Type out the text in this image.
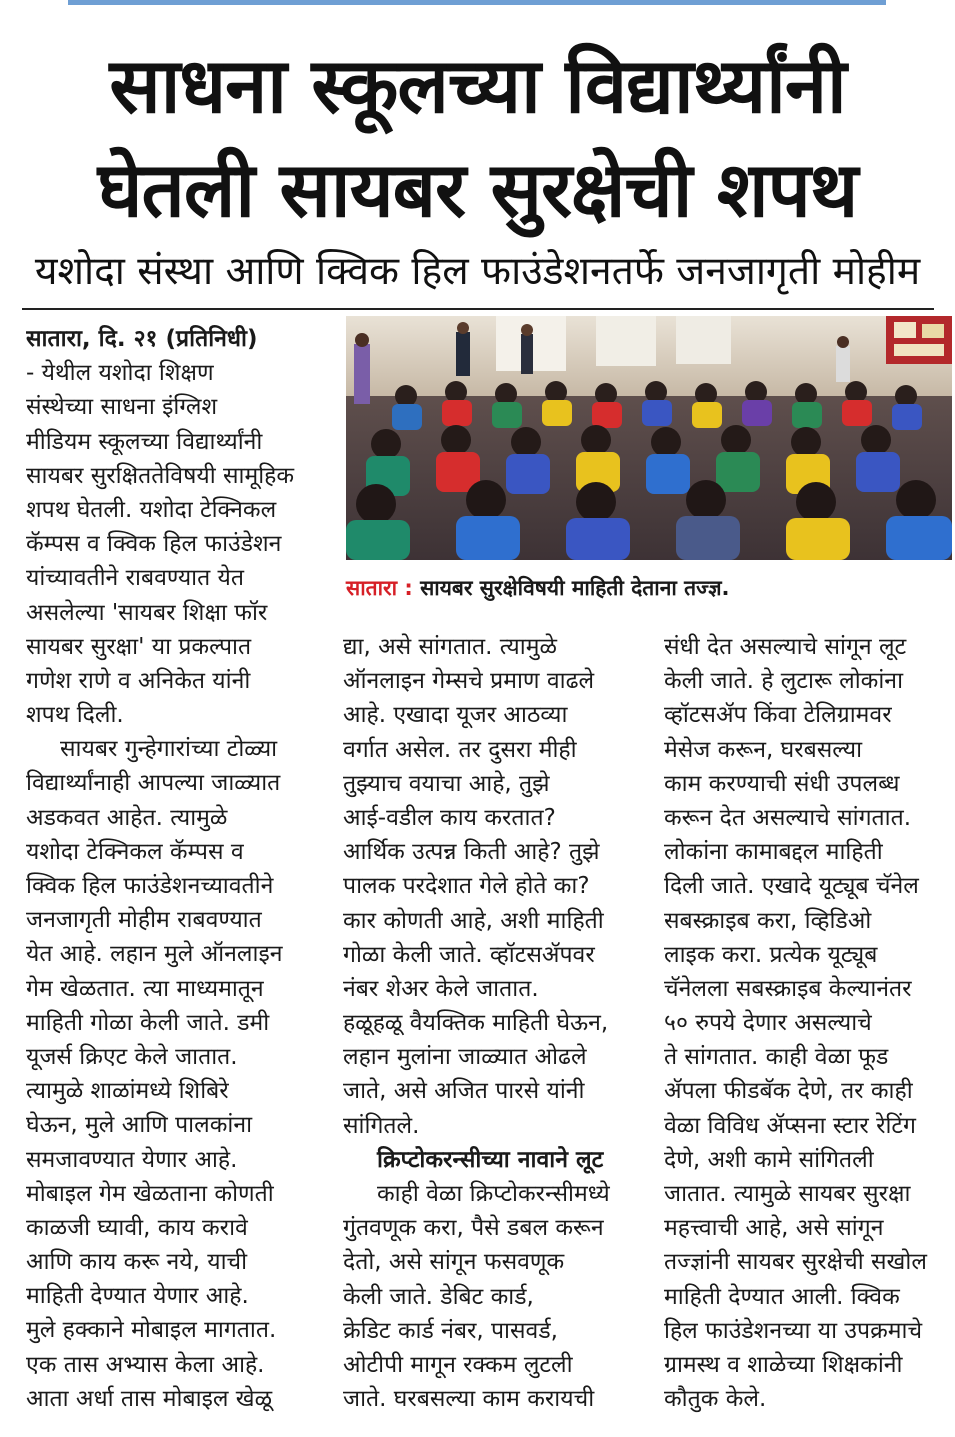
साधना स्कूलच्या विद्यार्थ्यांनी
घेतली सायबर सुरक्षेची शपथ
यशोदा संस्था आणि क्विक हिल फाउंडेशनतर्फे जनजागृती मोहीम
सातारा, दि. २१ (प्रतिनिधी)
- येथील यशोदा शिक्षण
संस्थेच्या साधना इंग्लिश
मीडियम स्कूलच्या विद्यार्थ्यांनी
सायबर सुरक्षिततेविषयी सामूहिक
शपथ घेतली. यशोदा टेक्निकल
कॅम्पस व क्विक हिल फाउंडेशन
यांच्यावतीने राबवण्यात येत
असलेल्या 'सायबर शिक्षा फॉर
सायबर सुरक्षा' या प्रकल्पात
गणेश राणे व अनिकेत यांनी
शपथ दिली.
सायबर गुन्हेगारांच्या टोळ्या
विद्यार्थ्यांनाही आपल्या जाळ्यात
अडकवत आहेत. त्यामुळे
यशोदा टेक्निकल कॅम्पस व
क्विक हिल फाउंडेशनच्यावतीने
जनजागृती मोहीम राबवण्यात
येत आहे. लहान मुले ऑनलाइन
गेम खेळतात. त्या माध्यमातून
माहिती गोळा केली जाते. डमी
यूजर्स क्रिएट केले जातात.
त्यामुळे शाळांमध्ये शिबिरे
घेऊन, मुले आणि पालकांना
समजावण्यात येणार आहे.
मोबाइल गेम खेळताना कोणती
काळजी घ्यावी, काय करावे
आणि काय करू नये, याची
माहिती देण्यात येणार आहे.
मुले हक्काने मोबाइल मागतात.
एक तास अभ्यास केला आहे.
आता अर्धा तास मोबाइल खेळू
सातारा : सायबर सुरक्षेविषयी माहिती देताना तज्ज्ञ.
द्या, असे सांगतात. त्यामुळे
ऑनलाइन गेम्सचे प्रमाण वाढले
आहे. एखादा यूजर आठव्या
वर्गात असेल. तर दुसरा मीही
तुझ्याच वयाचा आहे, तुझे
आई-वडील काय करतात?
आर्थिक उत्पन्न किती आहे? तुझे
पालक परदेशात गेले होते का?
कार कोणती आहे, अशी माहिती
गोळा केली जाते. व्हॉटसॲपवर
नंबर शेअर केले जातात.
हळूहळू वैयक्तिक माहिती घेऊन,
लहान मुलांना जाळ्यात ओढले
जाते, असे अजित पारसे यांनी
सांगितले.
क्रिप्टोकरन्सीच्या नावाने लूट
काही वेळा क्रिप्टोकरन्सीमध्ये
गुंतवणूक करा, पैसे डबल करून
देतो, असे सांगून फसवणूक
केली जाते. डेबिट कार्ड,
क्रेडिट कार्ड नंबर, पासवर्ड,
ओटीपी मागून रक्कम लुटली
जाते. घरबसल्या काम करायची
संधी देत असल्याचे सांगून लूट
केली जाते. हे लुटारू लोकांना
व्हॉटसॲप किंवा टेलिग्रामवर
मेसेज करून, घरबसल्या
काम करण्याची संधी उपलब्ध
करून देत असल्याचे सांगतात.
लोकांना कामाबद्दल माहिती
दिली जाते. एखादे यूट्यूब चॅनेल
सबस्क्राइब करा, व्हिडिओ
लाइक करा. प्रत्येक यूट्यूब
चॅनेलला सबस्क्राइब केल्यानंतर
५० रुपये देणार असल्याचे
ते सांगतात. काही वेळा फूड
ॲपला फीडबॅक देणे, तर काही
वेळा विविध ॲप्सना स्टार रेटिंग
देणे, अशी कामे सांगितली
जातात. त्यामुळे सायबर सुरक्षा
महत्त्वाची आहे, असे सांगून
तज्ज्ञांनी सायबर सुरक्षेची सखोल
माहिती देण्यात आली. क्विक
हिल फाउंडेशनच्या या उपक्रमाचे
ग्रामस्थ व शाळेच्या शिक्षकांनी
कौतुक केले.
